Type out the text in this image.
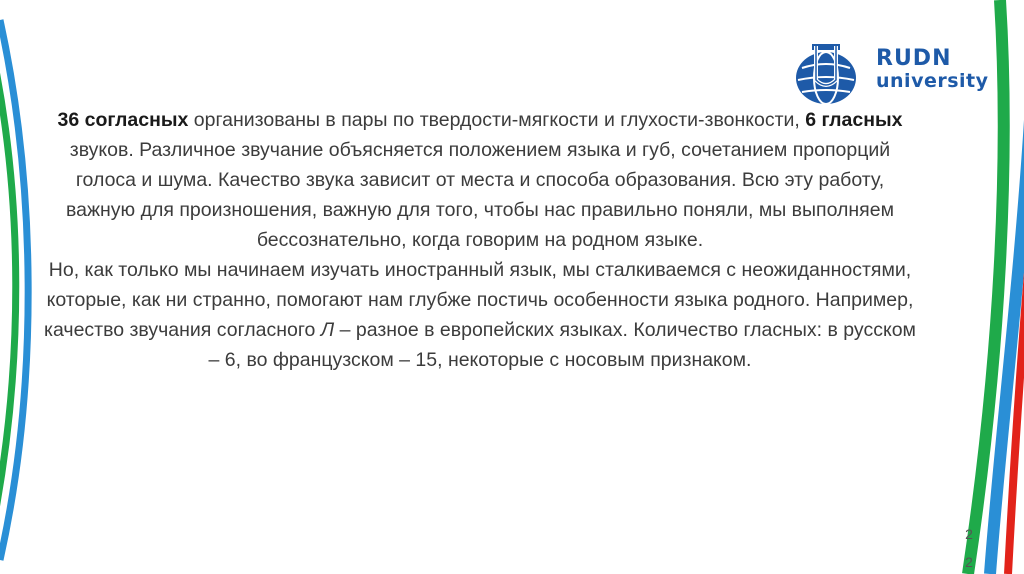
RUDN
university

36 согласных организованы в пары по твердости-мягкости и глухости-звонкости, 6 гласных звуков. Различное звучание объясняется положением языка и губ, сочетанием пропорций голоса и шума. Качество звука зависит от места и способа образования. Всю эту работу, важную для произношения, важную для того, чтобы нас правильно поняли, мы выполняем бессознательно, когда говорим на родном языке.

Но, как только мы начинаем изучать иностранный язык, мы сталкиваемся с неожиданностями, которые, как ни странно, помогают нам глубже постичь особенности языка родного. Например, качество звучания согласного Л – разное в европейских языках. Количество гласных: в русском – 6, во французском – 15, некоторые с носовым признаком.

22
